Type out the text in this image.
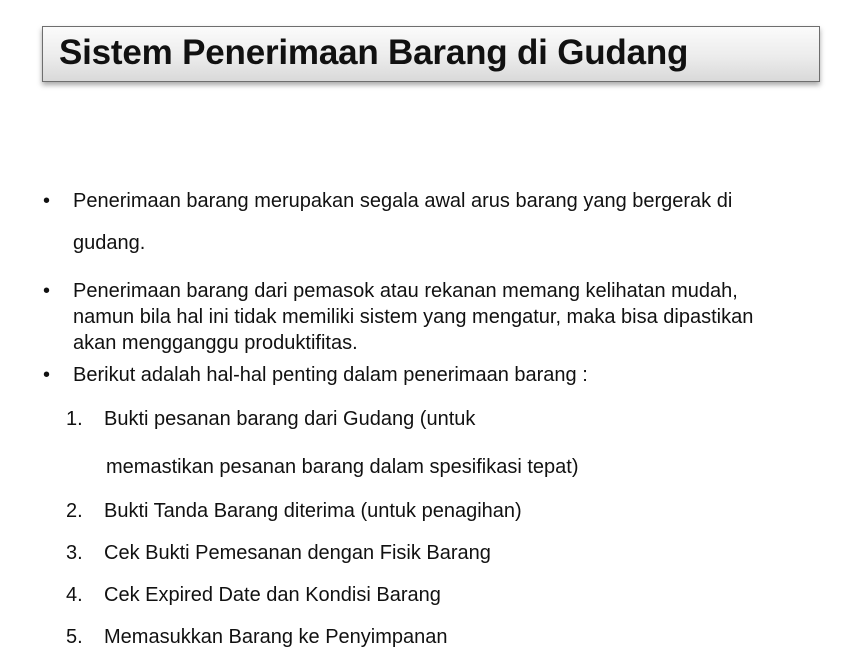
Sistem Penerimaan Barang di Gudang
• Penerimaan barang merupakan segala awal arus barang yang bergerak di
gudang.
• Penerimaan barang dari pemasok atau rekanan memang kelihatan mudah,
namun bila hal ini tidak memiliki sistem yang mengatur, maka bisa dipastikan
akan mengganggu produktifitas.
• Berikut adalah hal-hal penting dalam penerimaan barang :
1. Bukti pesanan barang dari Gudang (untuk
memastikan pesanan barang dalam spesifikasi tepat)
2. Bukti Tanda Barang diterima (untuk penagihan)
3. Cek Bukti Pemesanan dengan Fisik Barang
4. Cek Expired Date dan Kondisi Barang
5. Memasukkan Barang ke Penyimpanan
